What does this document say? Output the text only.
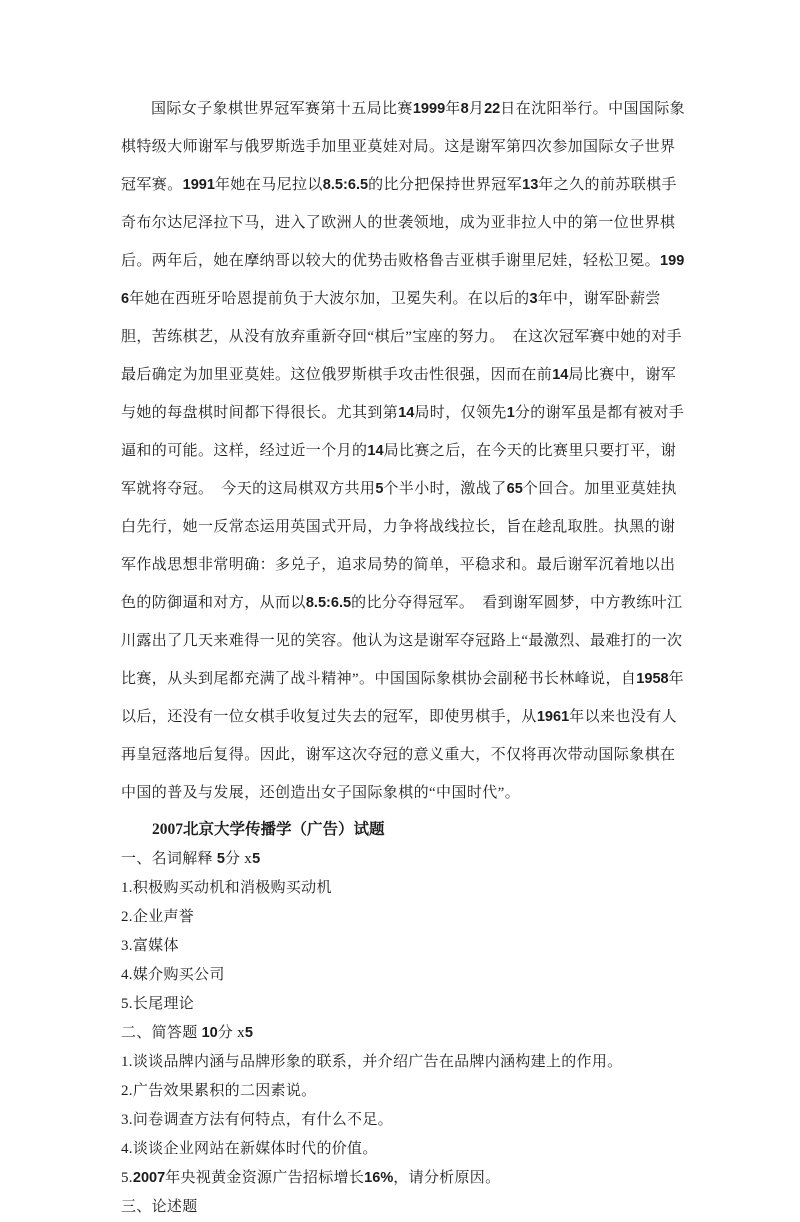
国际女子象棋世界冠军赛第十五局比赛1999年8月22日在沈阳举行。中国国际象棋特级大师谢军与俄罗斯选手加里亚莫娃对局。这是谢军第四次参加国际女子世界冠军赛。1991年她在马尼拉以8.5:6.5的比分把保持世界冠军13年之久的前苏联棋手奇布尔达尼泽拉下马，进入了欧洲人的世袭领地，成为亚非拉人中的第一位世界棋后。两年后，她在摩纳哥以较大的优势击败格鲁吉亚棋手谢里尼娃，轻松卫冕。1996年她在西班牙哈恩提前负于大波尔加，卫冕失利。在以后的3年中，谢军卧薪尝胆，苦练棋艺，从没有放弃重新夺回“棋后”宝座的努力。　在这次冠军赛中她的对手最后确定为加里亚莫娃。这位俄罗斯棋手攻击性很强，因而在前14局比赛中，谢军与她的每盘棋时间都下得很长。尤其到第14局时，仅领先1分的谢军虽是都有被对手逼和的可能。这样，经过近一个月的14局比赛之后，在今天的比赛里只要打平，谢军就将夺冠。　今天的这局棋双方共用5个半小时，激战了65个回合。加里亚莫娃执白先行，她一反常态运用英国式开局，力争将战线拉长，旨在趁乱取胜。执黑的谢军作战思想非常明确：多兑子，追求局势的简单，平稳求和。最后谢军沉着地以出色的防御逼和对方，从而以8.5:6.5的比分夺得冠军。　看到谢军圆梦，中方教练叶江川露出了几天来难得一见的笑容。他认为这是谢军夺冠路上“最激烈、最难打的一次比赛，从头到尾都充满了战斗精神”。中国国际象棋协会副秘书长林峰说，自1958年以后，还没有一位女棋手收复过失去的冠军，即使男棋手，从1961年以来也没有人再皇冠落地后复得。因此，谢军这次夺冠的意义重大，不仅将再次带动国际象棋在中国的普及与发展，还创造出女子国际象棋的“中国时代”。

2007北京大学传播学（广告）试题

一、名词解释 5分 x5

1.积极购买动机和消极购买动机

2.企业声誉

3.富媒体

4.媒介购买公司

5.长尾理论

二、简答题 10分 x5

1.谈谈品牌内涵与品牌形象的联系，并介绍广告在品牌内涵构建上的作用。

2.广告效果累积的二因素说。

3.问卷调查方法有何特点，有什么不足。

4.谈谈企业网站在新媒体时代的价值。

5.2007年央视黄金资源广告招标增长16%，请分析原因。

三、论述题
